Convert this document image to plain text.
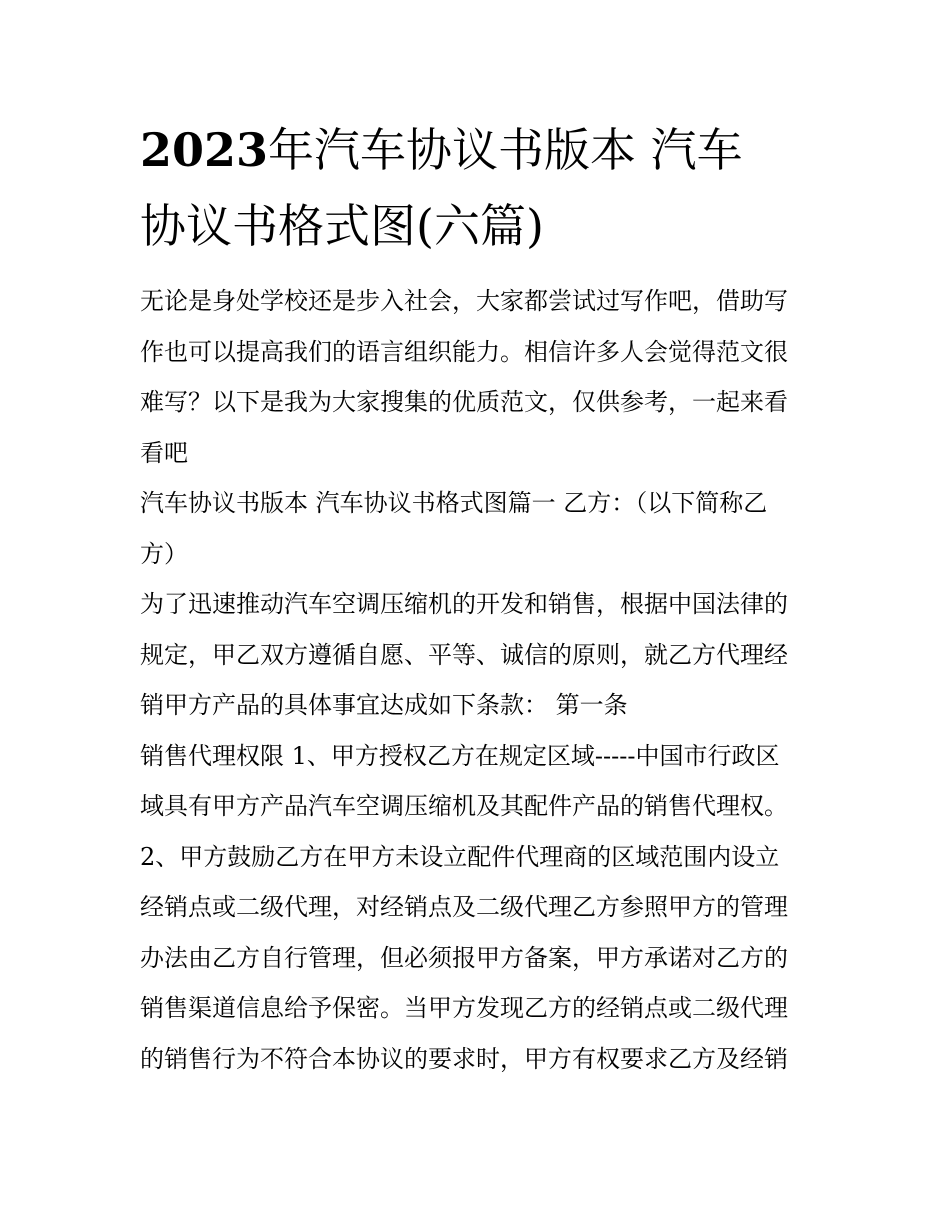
2023年汽车协议书版本 汽车
协议书格式图(六篇)
无论是身处学校还是步入社会，大家都尝试过写作吧，借助写
作也可以提高我们的语言组织能力。相信许多人会觉得范文很
难写？以下是我为大家搜集的优质范文，仅供参考，一起来看
看吧
汽车协议书版本 汽车协议书格式图篇一 乙方：（以下简称乙
方）
为了迅速推动汽车空调压缩机的开发和销售，根据中国法律的
规定，甲乙双方遵循自愿、平等、诚信的原则，就乙方代理经
销甲方产品的具体事宜达成如下条款： 第一条
销售代理权限 1、甲方授权乙方在规定区域-----中国市行政区
域具有甲方产品汽车空调压缩机及其配件产品的销售代理权。
2、甲方鼓励乙方在甲方未设立配件代理商的区域范围内设立
经销点或二级代理，对经销点及二级代理乙方参照甲方的管理
办法由乙方自行管理，但必须报甲方备案，甲方承诺对乙方的
销售渠道信息给予保密。当甲方发现乙方的经销点或二级代理
的销售行为不符合本协议的要求时，甲方有权要求乙方及经销
